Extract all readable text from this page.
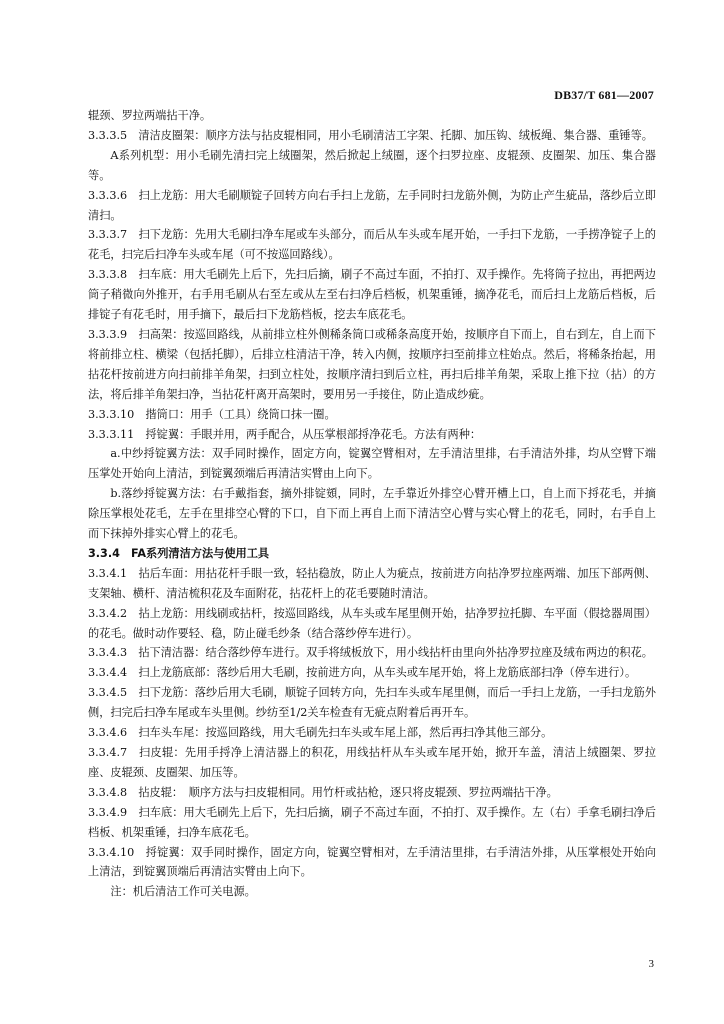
DB37/T 681—2007

辊颈、罗拉两端拈干净。

3.3.3.5　清洁皮圈架：顺序方法与拈皮辊相同，用小毛刷清洁工字架、托脚、加压钩、绒板绳、集合器、重锤等。

A系列机型：用小毛刷先清扫完上绒圈架，然后掀起上绒圈，逐个扫罗拉座、皮辊颈、皮圈架、加压、集合器等。

3.3.3.6　扫上龙筋：用大毛刷顺锭子回转方向右手扫上龙筋，左手同时扫龙筋外侧，为防止产生疵品，落纱后立即清扫。

3.3.3.7　扫下龙筋：先用大毛刷扫净车尾或车头部分，而后从车头或车尾开始，一手扫下龙筋，一手捞净锭子上的花毛，扫完后扫净车头或车尾（可不按巡回路线）。

3.3.3.8　扫车底：用大毛刷先上后下，先扫后摘，刷子不高过车面，不拍打、双手操作。先将筒子拉出，再把两边筒子稍微向外推开，右手用毛刷从右至左或从左至右扫净后档板，机架重锤，摘净花毛，而后扫上龙筋后档板，后排锭子有花毛时，用手摘下，最后扫下龙筋档板，挖去车底花毛。

3.3.3.9　扫高架：按巡回路线，从前排立柱外侧稀条筒口或稀条高度开始，按顺序自下而上，自右到左，自上而下将前排立柱、横梁（包括托脚），后排立柱清洁干净，转入内侧，按顺序扫至前排立柱始点。然后，将稀条抬起，用拈花杆按前进方向扫前排羊角架，扫到立柱处，按顺序清扫到后立柱，再扫后排羊角架，采取上推下拉（拈）的方法，将后排羊角架扫净，当拈花杆离开高架时，要用另一手接住，防止造成纱疵。

3.3.3.10　揩筒口：用手（工具）绕筒口抹一圈。

3.3.3.11　捋锭翼：手眼并用，两手配合，从压掌根部捋净花毛。方法有两种：

a.中纱捋锭翼方法：双手同时操作，固定方向，锭翼空臂相对，左手清洁里排，右手清洁外排，均从空臂下端压掌处开始向上清洁，到锭翼颈端后再清洁实臂由上向下。

b.落纱捋锭翼方法：右手戴指套，摘外排锭頞，同时，左手靠近外排空心臂开槽上口，自上而下捋花毛，并摘除压掌根处花毛，左手在里排空心臂的下口，自下而上再自上而下清洁空心臂与实心臂上的花毛，同时，右手自上而下抹掉外排实心臂上的花毛。

3.3.4　FA系列清洁方法与使用工具

3.3.4.1　拈后车面：用拈花杆手眼一致，轻拈稳放，防止人为疵点，按前进方向拈净罗拉座两端、加压下部两侧、支架轴、横杆、清洁梳积花及车面附花，拈花杆上的花毛要随时清洁。

3.3.4.2　拈上龙筋：用线刷或拈杆，按巡回路线，从车头或车尾里侧开始，拈净罗拉托脚、车平面（假捻器周围）的花毛。做时动作要轻、稳，防止碰毛纱条（结合落纱停车进行）。

3.3.4.3　拈下清洁器：结合落纱停车进行。双手将绒板放下，用小线拈杆由里向外拈净罗拉座及绒布两边的积花。

3.3.4.4　扫上龙筋底部：落纱后用大毛刷，按前进方向，从车头或车尾开始，将上龙筋底部扫净（停车进行）。

3.3.4.5　扫下龙筋：落纱后用大毛刷，顺锭子回转方向，先扫车头或车尾里侧，而后一手扫上龙筋，一手扫龙筋外侧，扫完后扫净车尾或车头里侧。纱纺至1/2关车检查有无疵点附着后再开车。

3.3.4.6　扫车头车尾：按巡回路线，用大毛刷先扫车头或车尾上部，然后再扫净其他三部分。

3.3.4.7　扫皮辊：先用手捋净上清洁器上的积花，用线拈杆从车头或车尾开始，掀开车盖，清洁上绒圈架、罗拉座、皮辊颈、皮圈架、加压等。

3.3.4.8　拈皮辊：　顺序方法与扫皮辊相同。用竹杆或拈枪，逐只将皮辊颈、罗拉两端拈干净。

3.3.4.9　扫车底：用大毛刷先上后下，先扫后摘，刷子不高过车面，不拍打、双手操作。左（右）手拿毛刷扫净后档板、机架重锤，扫净车底花毛。

3.3.4.10　捋锭翼：双手同时操作，固定方向，锭翼空臂相对，左手清洁里排，右手清洁外排，从压掌根处开始向上清洁，到锭翼顶端后再清洁实臂由上向下。

注：机后清洁工作可关电源。

3
